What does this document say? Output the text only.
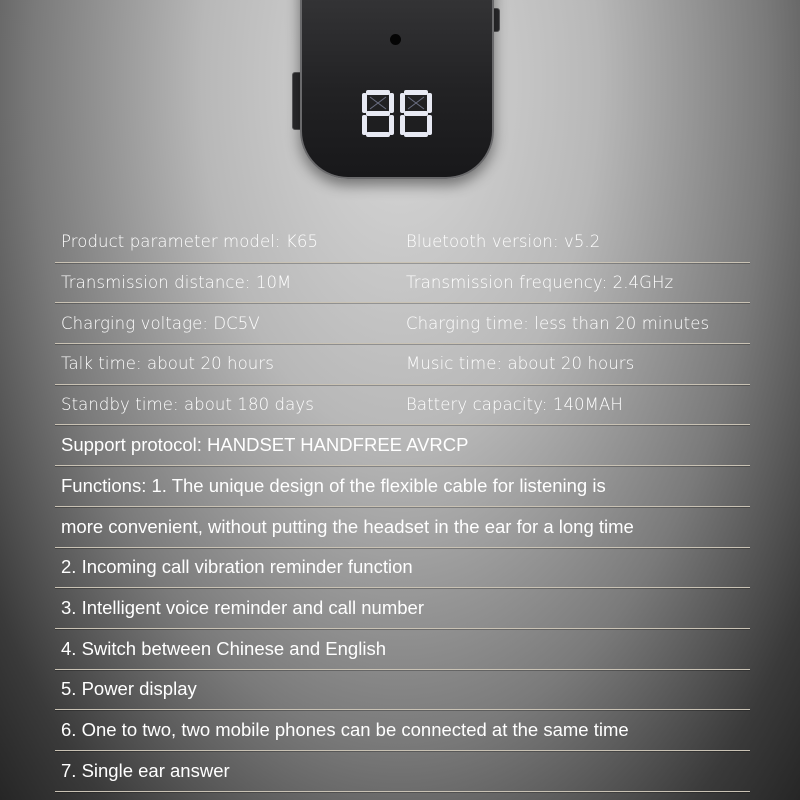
Product parameter model: K65	Bluetooth version: v5.2
Transmission distance: 10M	Transmission frequency: 2.4GHz
Charging voltage: DC5V	Charging time: less than 20 minutes
Talk time: about 20 hours	Music time: about 20 hours
Standby time: about 180 days	Battery capacity: 140MAH
Support protocol: HANDSET HANDFREE AVRCP
Functions: 1. The unique design of the flexible cable for listening is
more convenient, without putting the headset in the ear for a long time
2. Incoming call vibration reminder function
3. Intelligent voice reminder and call number
4. Switch between Chinese and English
5. Power display
6. One to two, two mobile phones can be connected at the same time
7. Single ear answer
